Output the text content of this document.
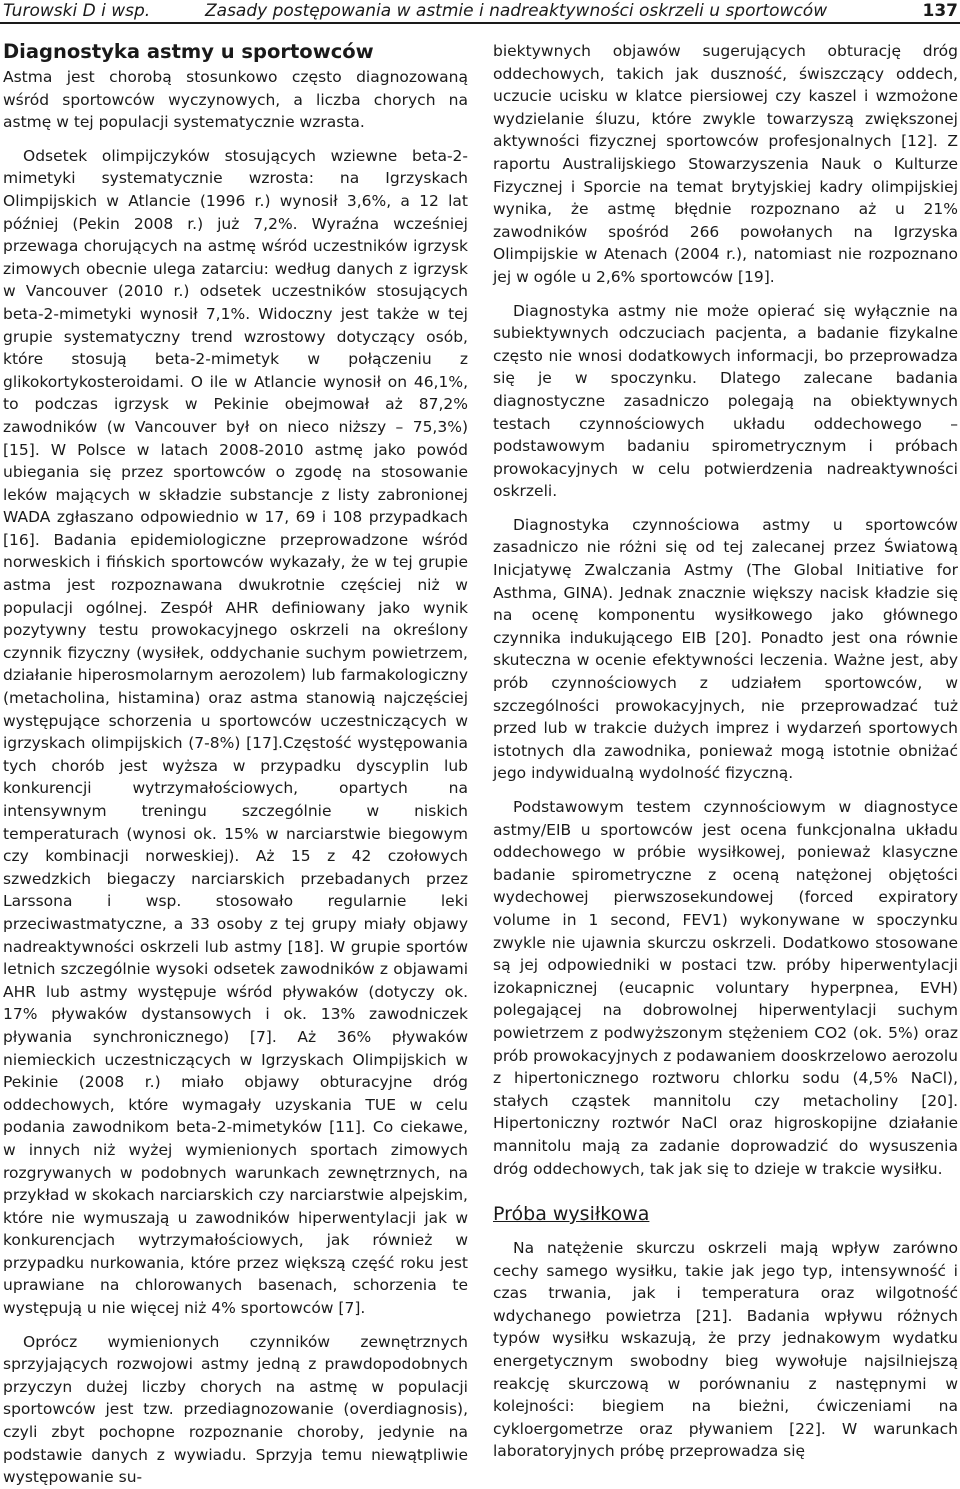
Turowski D i wsp.	Zasady postępowania w astmie i nadreaktywności oskrzeli u sportowców	137
Diagnostyka astmy u sportowców

Astma jest chorobą stosunkowo często diagnozowaną wśród sportowców wyczynowych, a liczba chorych na astmę w tej populacji systematycznie wzrasta.

Odsetek olimpijczyków stosujących wziewne beta-2-mimetyki systematycznie wzrosta: na Igrzyskach Olimpijskich w Atlancie (1996 r.) wynosił 3,6%, a 12 lat później (Pekin 2008 r.) już 7,2%. Wyraźna wcześniej przewaga chorujących na astmę wśród uczestników igrzysk zimowych obecnie ulega zatarciu: według danych z igrzysk w Vancouver (2010 r.) odsetek uczestników stosujących beta-2-mimetyki wynosił 7,1%. Widoczny jest także w tej grupie systematyczny trend wzrostowy dotyczący osób, które stosują beta-2-mimetyk w połączeniu z glikokortykosteroidami. O ile w Atlancie wynosił on 46,1%, to podczas igrzysk w Pekinie obejmował aż 87,2% zawodników (w Vancouver był on nieco niższy – 75,3%) [15]. W Polsce w latach 2008-2010 astmę jako powód ubiegania się przez sportowców o zgodę na stosowanie leków mających w składzie substancje z listy zabronionej WADA zgłaszano odpowiednio w 17, 69 i 108 przypadkach [16]. Badania epidemiologiczne przeprowadzone wśród norweskich i fińskich sportowców wykazały, że w tej grupie astma jest rozpoznawana dwukrotnie częściej niż w populacji ogólnej. Zespół AHR definiowany jako wynik pozytywny testu prowokacyjnego oskrzeli na określony czynnik fizyczny (wysiłek, oddychanie suchym powietrzem, działanie hiperosmolarnym aerozolem) lub farmakologiczny (metacholina, histamina) oraz astma stanowią najczęściej występujące schorzenia u sportowców uczestniczących w igrzyskach olimpijskich (7-8%) [17].Częstość występowania tych chorób jest wyższa w przypadku dyscyplin lub konkurencji wytrzymałościowych, opartych na intensywnym treningu szczególnie w niskich temperaturach (wynosi ok. 15% w narciarstwie biegowym czy kombinacji norweskiej). Aż 15 z 42 czołowych szwedzkich biegaczy narciarskich przebadanych przez Larssona i wsp. stosowało regularnie leki przeciwastmatyczne, a 33 osoby z tej grupy miały objawy nadreaktywności oskrzeli lub astmy [18]. W grupie sportów letnich szczególnie wysoki odsetek zawodników z objawami AHR lub astmy występuje wśród pływaków (dotyczy ok. 17% pływaków dystansowych i ok. 13% zawodniczek pływania synchronicznego) [7]. Aż 36% pływaków niemieckich uczestniczących w Igrzyskach Olimpijskich w Pekinie (2008 r.) miało objawy obturacyjne dróg oddechowych, które wymagały uzyskania TUE w celu podania zawodnikom beta-2-mimetyków [11]. Co ciekawe, w innych niż wyżej wymienionych sportach zimowych rozgrywanych w podobnych warunkach zewnętrznych, na przykład w skokach narciarskich czy narciarstwie alpejskim, które nie wymuszają u zawodników hiperwentylacji jak w konkurencjach wytrzymałościowych, jak również w przypadku nurkowania, które przez większą część roku jest uprawiane na chlorowanych basenach, schorzenia te występują u nie więcej niż 4% sportowców [7].

Oprócz wymienionych czynników zewnętrznych sprzyjających rozwojowi astmy jedną z prawdopodobnych przyczyn dużej liczby chorych na astmę w populacji sportowców jest tzw. przediagnozowanie (overdiagnosis), czyli zbyt pochopne rozpoznanie choroby, jedynie na podstawie danych z wywiadu. Sprzyja temu niewątpliwie występowanie su-

biektywnych objawów sugerujących obturację dróg oddechowych, takich jak duszność, świszczący oddech, uczucie ucisku w klatce piersiowej czy kaszel i wzmożone wydzielanie śluzu, które zwykle towarzyszą zwiększonej aktywności fizycznej sportowców profesjonalnych [12]. Z raportu Australijskiego Stowarzyszenia Nauk o Kulturze Fizycznej i Sporcie na temat brytyjskiej kadry olimpijskiej wynika, że astmę błędnie rozpoznano aż u 21% zawodników spośród 266 powołanych na Igrzyska Olimpijskie w Atenach (2004 r.), natomiast nie rozpoznano jej w ogóle u 2,6% sportowców [19].

Diagnostyka astmy nie może opierać się wyłącznie na subiektywnych odczuciach pacjenta, a badanie fizykalne często nie wnosi dodatkowych informacji, bo przeprowadza się je w spoczynku. Dlatego zalecane badania diagnostyczne zasadniczo polegają na obiektywnych testach czynnościowych układu oddechowego – podstawowym badaniu spirometrycznym i próbach prowokacyjnych w celu potwierdzenia nadreaktywności oskrzeli.

Diagnostyka czynnościowa astmy u sportowców zasadniczo nie różni się od tej zalecanej przez Światową Inicjatywę Zwalczania Astmy (The Global Initiative for Asthma, GINA). Jednak znacznie większy nacisk kładzie się na ocenę komponentu wysiłkowego jako głównego czynnika indukującego EIB [20]. Ponadto jest ona równie skuteczna w ocenie efektywności leczenia. Ważne jest, aby prób czynnościowych z udziałem sportowców, w szczególności prowokacyjnych, nie przeprowadzać tuż przed lub w trakcie dużych imprez i wydarzeń sportowych istotnych dla zawodnika, ponieważ mogą istotnie obniżać jego indywidualną wydolność fizyczną.

Podstawowym testem czynnościowym w diagnostyce astmy/EIB u sportowców jest ocena funkcjonalna układu oddechowego w próbie wysiłkowej, ponieważ klasyczne badanie spirometryczne z oceną natężonej objętości wydechowej pierwszosekundowej (forced expiratory volume in 1 second, FEV1) wykonywane w spoczynku zwykle nie ujawnia skurczu oskrzeli. Dodatkowo stosowane są jej odpowiedniki w postaci tzw. próby hiperwentylacji izokapnicznej (eucapnic voluntary hyperpnea, EVH) polegającej na dobrowolnej hiperwentylacji suchym powietrzem z podwyższonym stężeniem CO2 (ok. 5%) oraz prób prowokacyjnych z podawaniem dooskrzelowo aerozolu z hipertonicznego roztworu chlorku sodu (4,5% NaCl), stałych cząstek mannitolu czy metacholiny [20]. Hipertoniczny roztwór NaCl oraz higroskopijne działanie mannitolu mają za zadanie doprowadzić do wysuszenia dróg oddechowych, tak jak się to dzieje w trakcie wysiłku.

Próba wysiłkowa

Na natężenie skurczu oskrzeli mają wpływ zarówno cechy samego wysiłku, takie jak jego typ, intensywność i czas trwania, jak i temperatura oraz wilgotność wdychanego powietrza [21]. Badania wpływu różnych typów wysiłku wskazują, że przy jednakowym wydatku energetycznym swobodny bieg wywołuje najsilniejszą reakcję skurczową w porównaniu z następnymi w kolejności: biegiem na bieżni, ćwiczeniami na cykloergometrze oraz pływaniem [22]. W warunkach laboratoryjnych próbę przeprowadza się
